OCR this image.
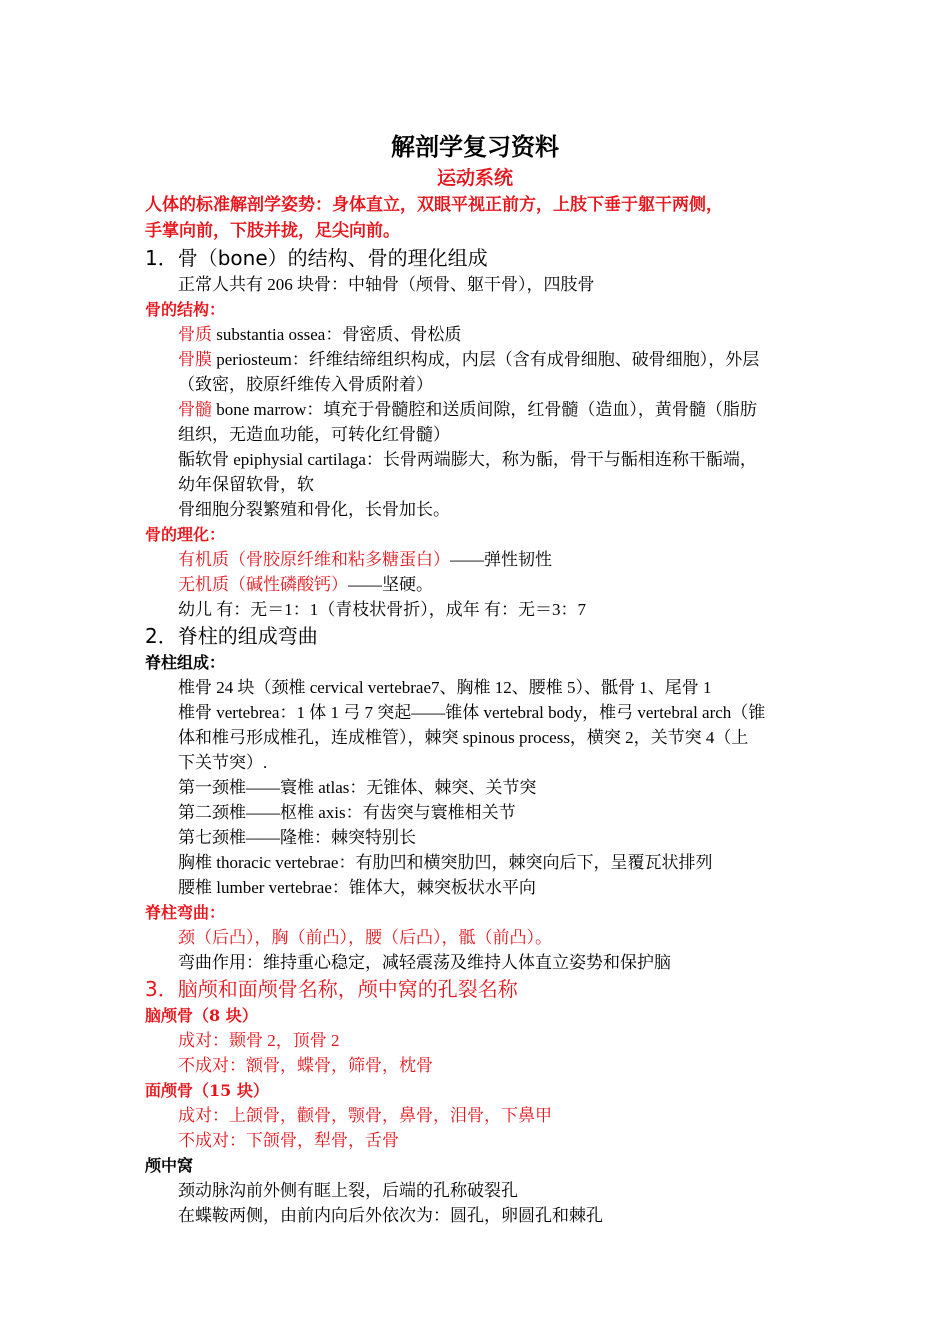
解剖学复习资料
运动系统
人体的标准解剖学姿势：身体直立，双眼平视正前方，上肢下垂于躯干两侧，
手掌向前，下肢并拢，足尖向前。
1．骨（bone）的结构、骨的理化组成
正常人共有 206 块骨：中轴骨（颅骨、躯干骨），四肢骨
骨的结构：
骨质 substantia ossea：骨密质、骨松质
骨膜 periosteum：纤维结缔组织构成，内层（含有成骨细胞、破骨细胞），外层
（致密，胶原纤维传入骨质附着）
骨髓 bone marrow：填充于骨髓腔和送质间隙，红骨髓（造血），黄骨髓（脂肪
组织，无造血功能，可转化红骨髓）
骺软骨 epiphysial cartilaga：长骨两端膨大，称为骺，骨干与骺相连称干骺端，
幼年保留软骨，软
骨细胞分裂繁殖和骨化，长骨加长。
骨的理化：
有机质（骨胶原纤维和粘多糖蛋白）——弹性韧性
无机质（碱性磷酸钙）——坚硬。
幼儿 有：无＝1：1（青枝状骨折），成年 有：无＝3：7
2．脊柱的组成弯曲
脊柱组成：
椎骨 24 块（颈椎 cervical vertebrae7、胸椎 12、腰椎 5）、骶骨 1、尾骨 1
椎骨 vertebrea：1 体 1 弓 7 突起——锥体 vertebral body，椎弓 vertebral arch（锥
体和椎弓形成椎孔，连成椎管），棘突 spinous process，横突 2，关节突 4（上
下关节突）.
第一颈椎——寰椎 atlas：无锥体、棘突、关节突
第二颈椎——枢椎 axis：有齿突与寰椎相关节
第七颈椎——隆椎：棘突特别长
胸椎 thoracic vertebrae：有肋凹和横突肋凹，棘突向后下，呈覆瓦状排列
腰椎 lumber vertebrae：锥体大，棘突板状水平向
脊柱弯曲：
颈（后凸），胸（前凸），腰（后凸），骶（前凸）。
弯曲作用：维持重心稳定，减轻震荡及维持人体直立姿势和保护脑
3．脑颅和面颅骨名称，颅中窝的孔裂名称
脑颅骨（8 块）
成对：颞骨 2，顶骨 2
不成对：额骨，蝶骨，筛骨，枕骨
面颅骨（15 块）
成对：上颌骨，颧骨，颚骨，鼻骨，泪骨，下鼻甲
不成对：下颌骨，犁骨，舌骨
颅中窝
颈动脉沟前外侧有眶上裂，后端的孔称破裂孔
在蝶鞍两侧，由前内向后外依次为：圆孔，卵圆孔和棘孔
